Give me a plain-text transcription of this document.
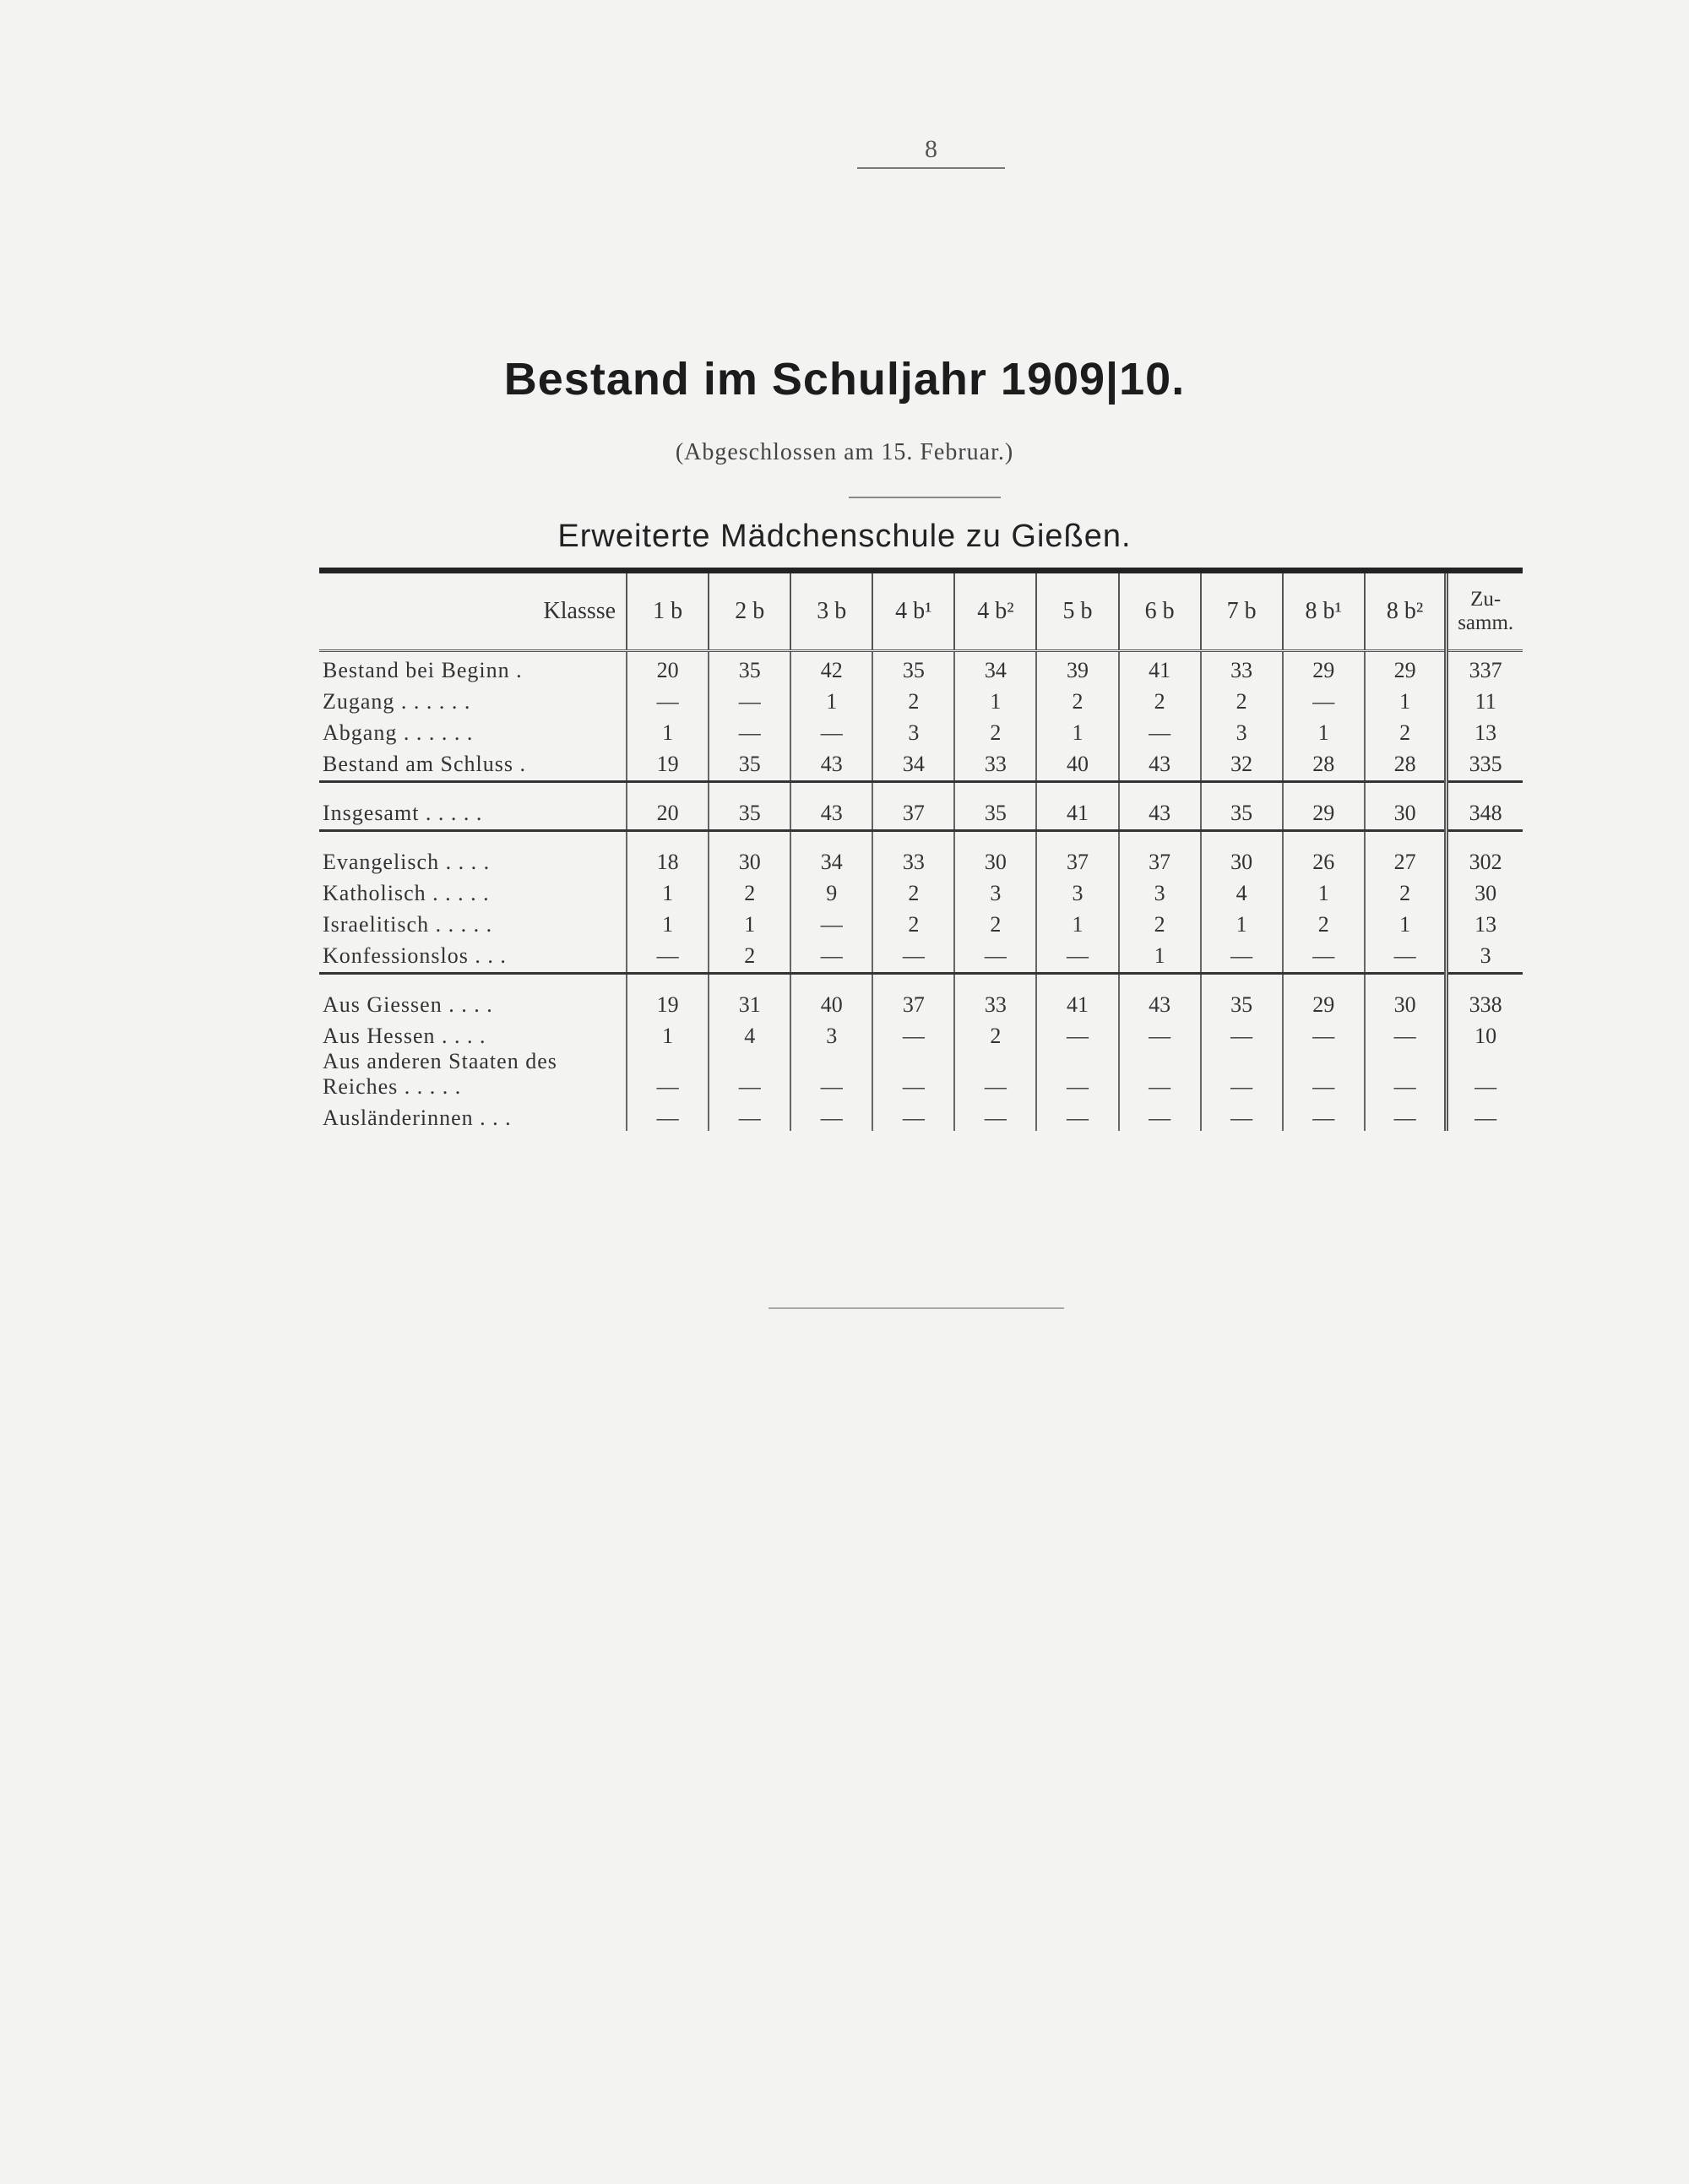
8
Bestand im Schuljahr 1909|10.
(Abgeschlossen am 15. Februar.)
Erweiterte Mädchenschule zu Gießen.
Klassse	1 b	2 b	3 b	4 b¹	4 b²	5 b	6 b	7 b	8 b¹	8 b²	Zu-samm.
Bestand bei Beginn .	20	35	42	35	34	39	41	33	29	29	337
Zugang . . . . . .	—	—	1	2	1	2	2	2	—	1	11
Abgang . . . . . .	1	—	—	3	2	1	—	3	1	2	13
Bestand am Schluss .	19	35	43	34	33	40	43	32	28	28	335
Insgesamt . . . . .	20	35	43	37	35	41	43	35	29	30	348
Evangelisch . . . .	18	30	34	33	30	37	37	30	26	27	302
Katholisch . . . . .	1	2	9	2	3	3	3	4	1	2	30
Israelitisch . . . . .	1	1	—	2	2	1	2	1	2	1	13
Konfessionslos . . .	—	2	—	—	—	—	1	—	—	—	3
Aus Giessen . . . .	19	31	40	37	33	41	43	35	29	30	338
Aus Hessen . . . .	1	4	3	—	2	—	—	—	—	—	10
Aus anderen Staaten des Reiches . . . . .	—	—	—	—	—	—	—	—	—	—	—
Ausländerinnen . . .	—	—	—	—	—	—	—	—	—	—	—
